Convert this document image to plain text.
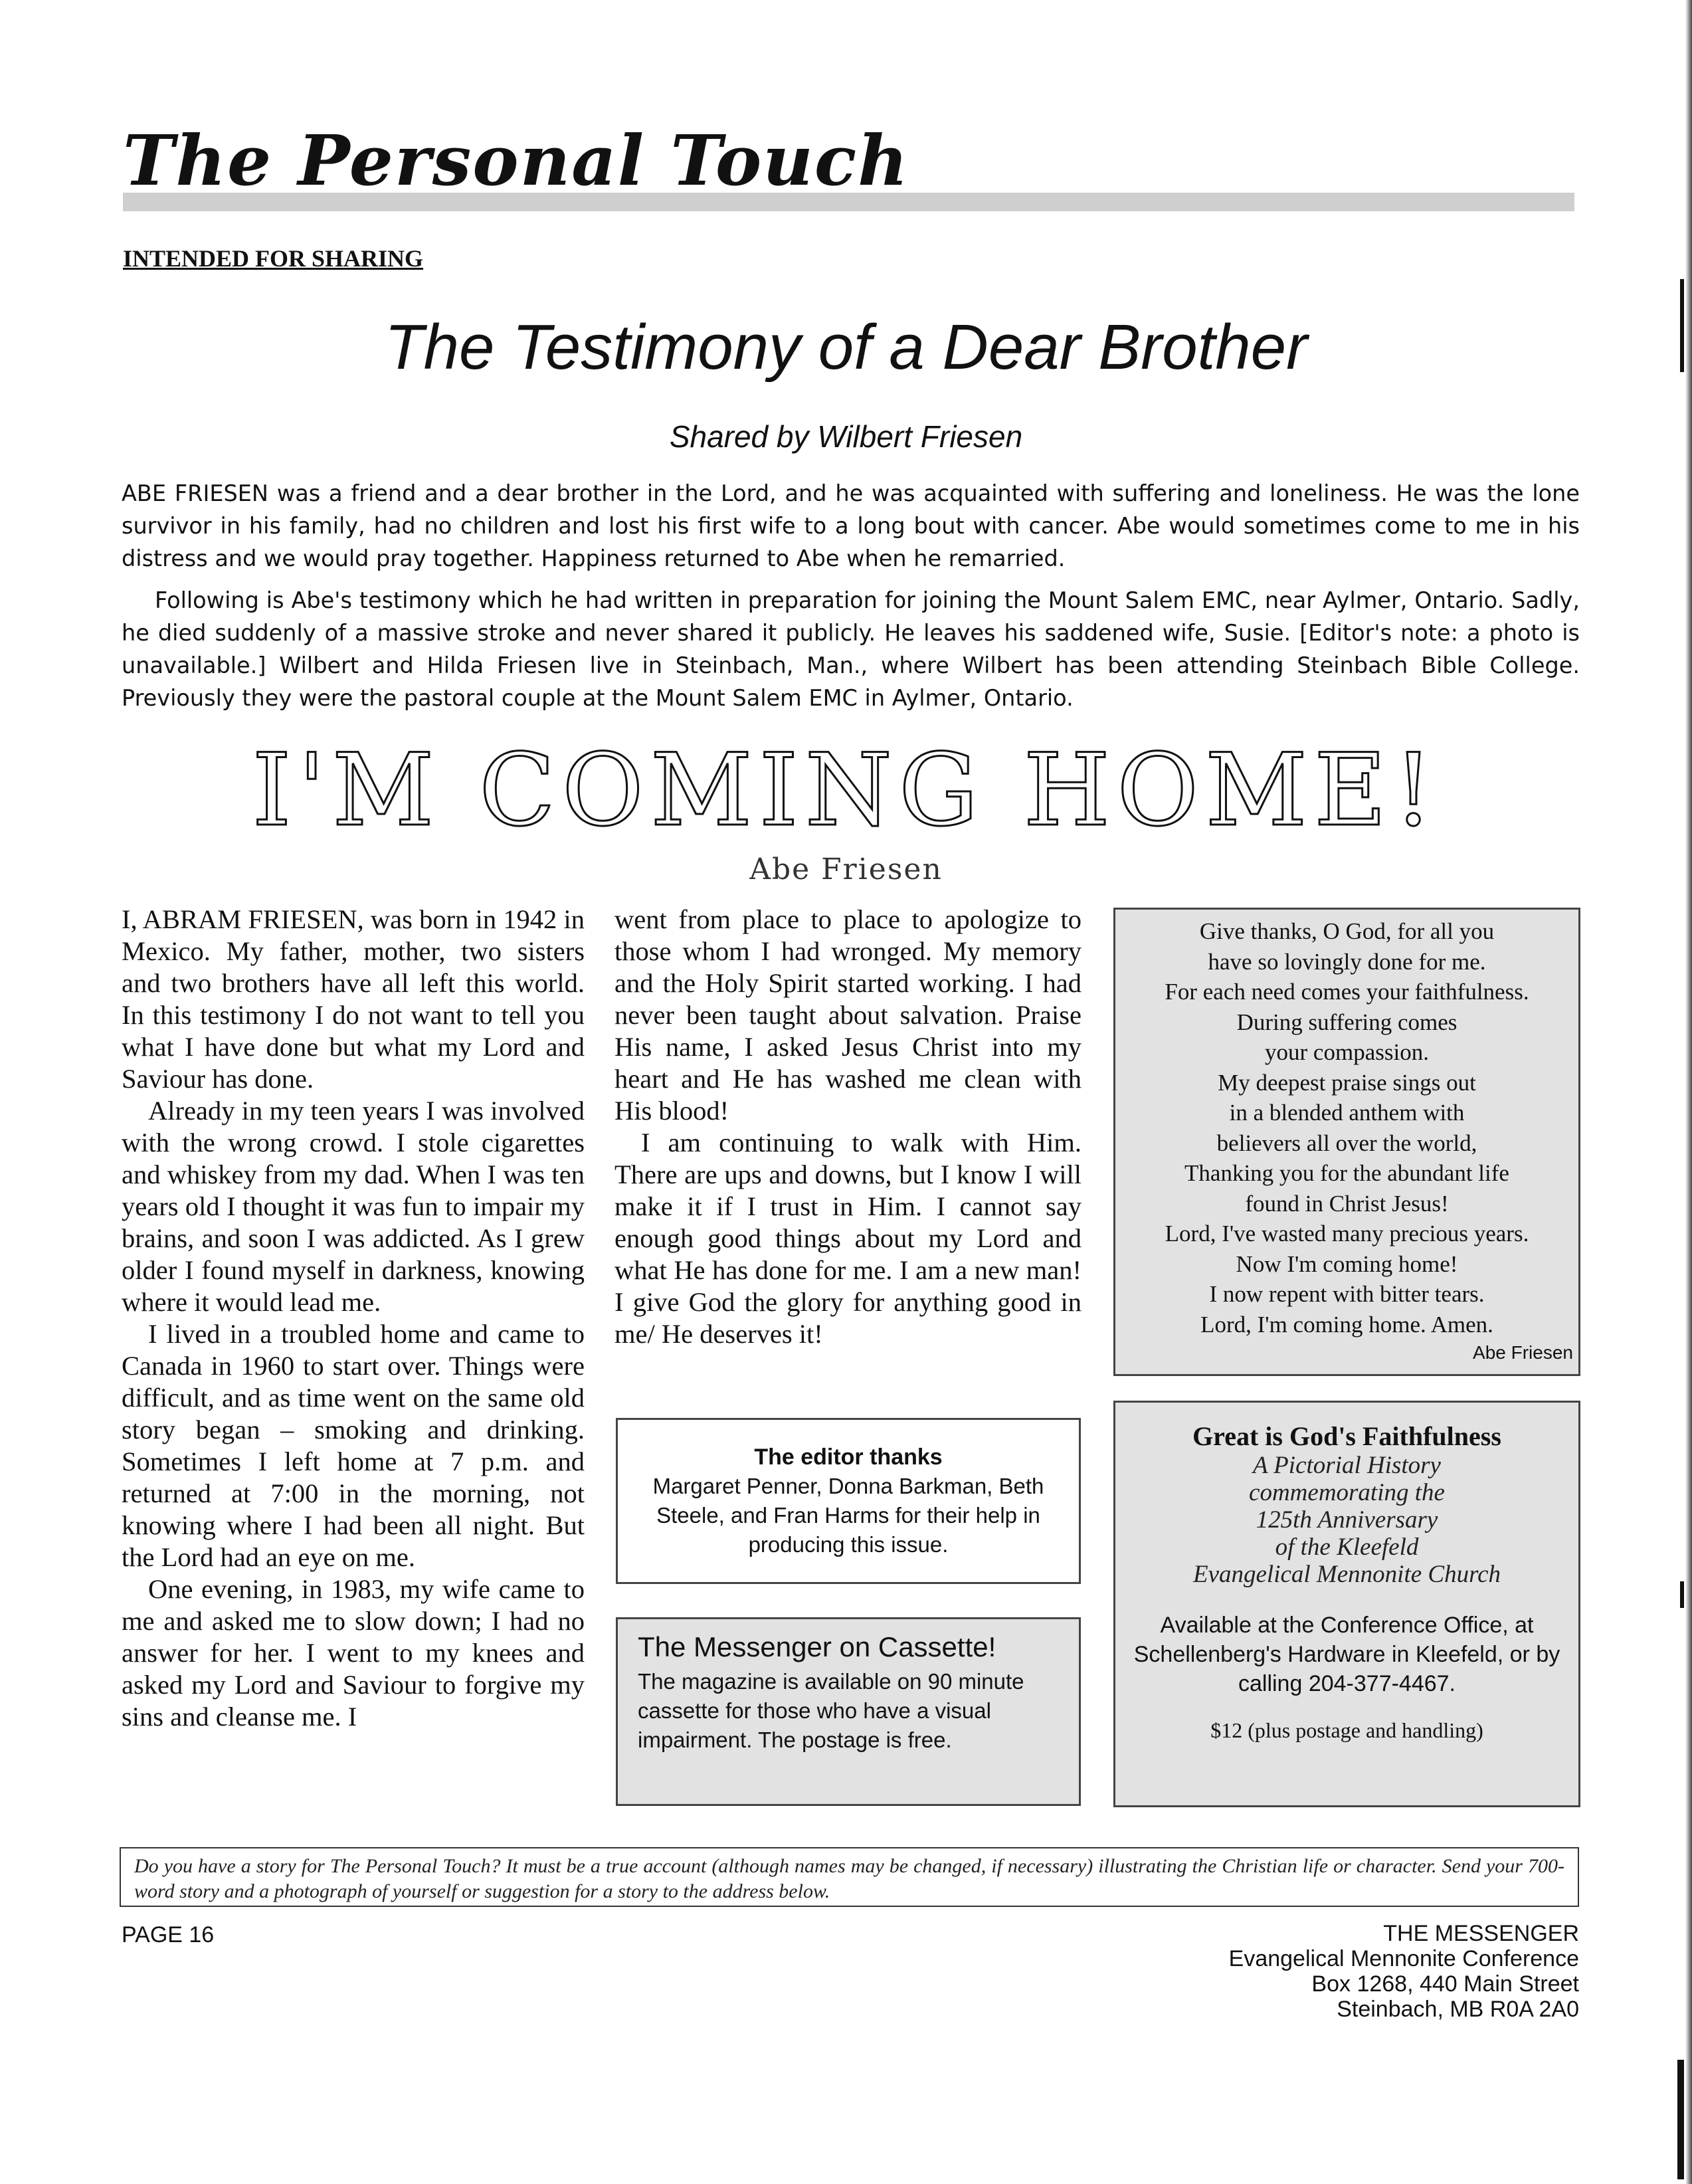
The Personal Touch
INTENDED FOR SHARING
The Testimony of a Dear Brother
Shared by Wilbert Friesen

ABE FRIESEN was a friend and a dear brother in the Lord, and he was acquainted with suffering and loneliness. He was the lone survivor in his family, had no children and lost his first wife to a long bout with cancer. Abe would sometimes come to me in his distress and we would pray together. Happiness returned to Abe when he remarried.

Following is Abe's testimony which he had written in preparation for joining the Mount Salem EMC, near Aylmer, Ontario. Sadly, he died suddenly of a massive stroke and never shared it publicly. He leaves his saddened wife, Susie. [Editor's note: a photo is unavailable.] Wilbert and Hilda Friesen live in Steinbach, Man., where Wilbert has been attending Steinbach Bible College. Previously they were the pastoral couple at the Mount Salem EMC in Aylmer, Ontario.

I'M COMING HOME!
Abe Friesen

I, ABRAM FRIESEN, was born in 1942 in Mexico. My father, mother, two sisters and two brothers have all left this world. In this testimony I do not want to tell you what I have done but what my Lord and Saviour has done.

Already in my teen years I was involved with the wrong crowd. I stole cigarettes and whiskey from my dad. When I was ten years old I thought it was fun to impair my brains, and soon I was addicted. As I grew older I found myself in darkness, knowing where it would lead me.

I lived in a troubled home and came to Canada in 1960 to start over. Things were difficult, and as time went on the same old story began – smoking and drinking. Sometimes I left home at 7 p.m. and returned at 7:00 in the morning, not knowing where I had been all night. But the Lord had an eye on me.

One evening, in 1983, my wife came to me and asked me to slow down; I had no answer for her. I went to my knees and asked my Lord and Saviour to forgive my sins and cleanse me. I

went from place to place to apologize to those whom I had wronged. My memory and the Holy Spirit started working. I had never been taught about salvation. Praise His name, I asked Jesus Christ into my heart and He has washed me clean with His blood!

I am continuing to walk with Him. There are ups and downs, but I know I will make it if I trust in Him. I cannot say enough good things about my Lord and what He has done for me. I am a new man! I give God the glory for anything good in me/ He deserves it!

Give thanks, O God, for all you
have so lovingly done for me.
For each need comes your faithfulness.
During suffering comes
your compassion.
My deepest praise sings out
in a blended anthem with
believers all over the world,
Thanking you for the abundant life
found in Christ Jesus!
Lord, I've wasted many precious years.
Now I'm coming home!
I now repent with bitter tears.
Lord, I'm coming home. Amen.
Abe Friesen
The editor thanks
Margaret Penner, Donna Barkman, Beth Steele, and Fran Harms for their help in producing this issue.
The Messenger on Cassette!
The magazine is available on 90 minute cassette for those who have a visual impairment. The postage is free.
Great is God's Faithfulness
A Pictorial History
commemorating the
125th Anniversary
of the Kleefeld
Evangelical Mennonite Church
Available at the Conference Office, at Schellenberg's Hardware in Kleefeld, or by calling 204-377-4467.
$12 (plus postage and handling)
Do you have a story for The Personal Touch? It must be a true account (although names may be changed, if necessary) illustrating the Christian life or character. Send your 700-word story and a photograph of yourself or suggestion for a story to the address below.
PAGE 16	THE MESSENGER
Evangelical Mennonite Conference
Box 1268, 440 Main Street
Steinbach, MB R0A 2A0
